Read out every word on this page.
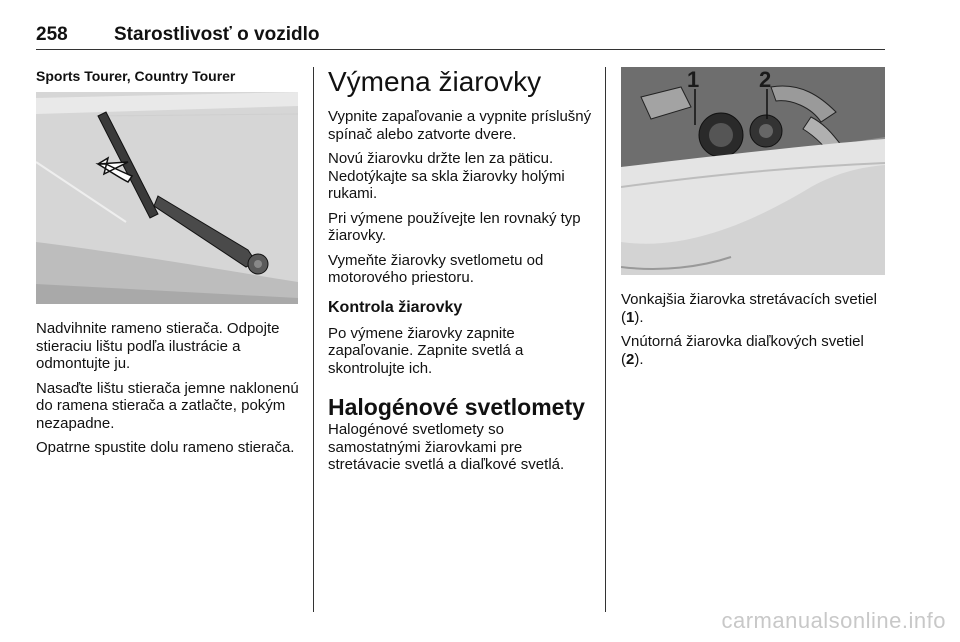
258 Starostlivosť o vozidlo
Sports Tourer, Country Tourer

Nadvihnite rameno stierača. Odpojte stieraciu lištu podľa ilustrácie a odmontujte ju.

Nasaďte lištu stierača jemne naklonenú do ramena stierača a zatlačte, pokým nezapadne.

Opatrne spustite dolu rameno stierača.

Výmena žiarovky

Vypnite zapaľovanie a vypnite príslušný spínač alebo zatvorte dvere.

Novú žiarovku držte len za päticu. Nedotýkajte sa skla žiarovky holými rukami.

Pri výmene používejte len rovnaký typ žiarovky.

Vymeňte žiarovky svetlometu od motorového priestoru.

Kontrola žiarovky

Po výmene žiarovky zapnite zapaľovanie. Zapnite svetlá a skontrolujte ich.

Halogénové svetlomety

Halogénové svetlomety so samostatnými žiarovkami pre stretávacie svetlá a diaľkové svetlá.

1	2

Vonkajšia žiarovka stretávacích svetiel (1).

Vnútorná žiarovka diaľkových svetiel (2).

carmanualsonline.info
